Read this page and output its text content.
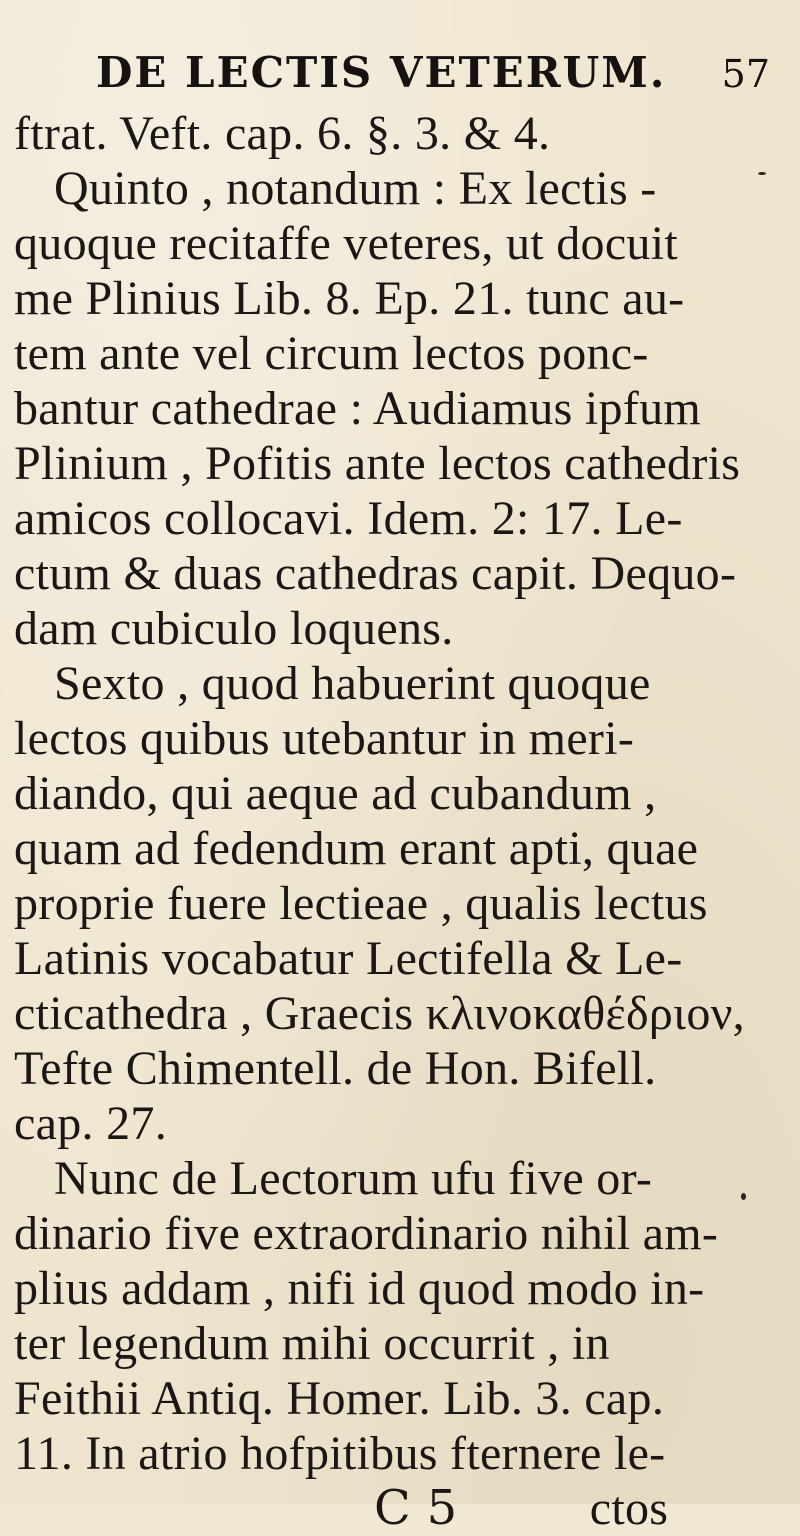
DE LECTIS VETERUM. 57
ftrat. Veft. cap. 6. §. 3. & 4.
Quinto , notandum : Ex lectis -
quoque recitaffe veteres, ut docuit
me Plinius Lib. 8. Ep. 21. tunc au-
tem ante vel circum lectos ponc-
bantur cathedrae : Audiamus ipfum
Plinium , Pofitis ante lectos cathedris
amicos collocavi. Idem. 2: 17. Le-
ctum & duas cathedras capit. Dequo-
dam cubiculo loquens.
Sexto , quod habuerint quoque
lectos quibus utebantur in meri-
diando, qui aeque ad cubandum ,
quam ad fedendum erant apti, quae
proprie fuere lectieae , qualis lectus
Latinis vocabatur Lectifella & Le-
cticathedra , Graecis κλινοκαθέδριον,
Tefte Chimentell. de Hon. Bifell.
cap. 27.
Nunc de Lectorum ufu five or-
dinario five extraordinario nihil am-
plius addam , nifi id quod modo in-
ter legendum mihi occurrit , in
Feithii Antiq. Homer. Lib. 3. cap.
11. In atrio hofpitibus fternere le-
C 5	ctos
